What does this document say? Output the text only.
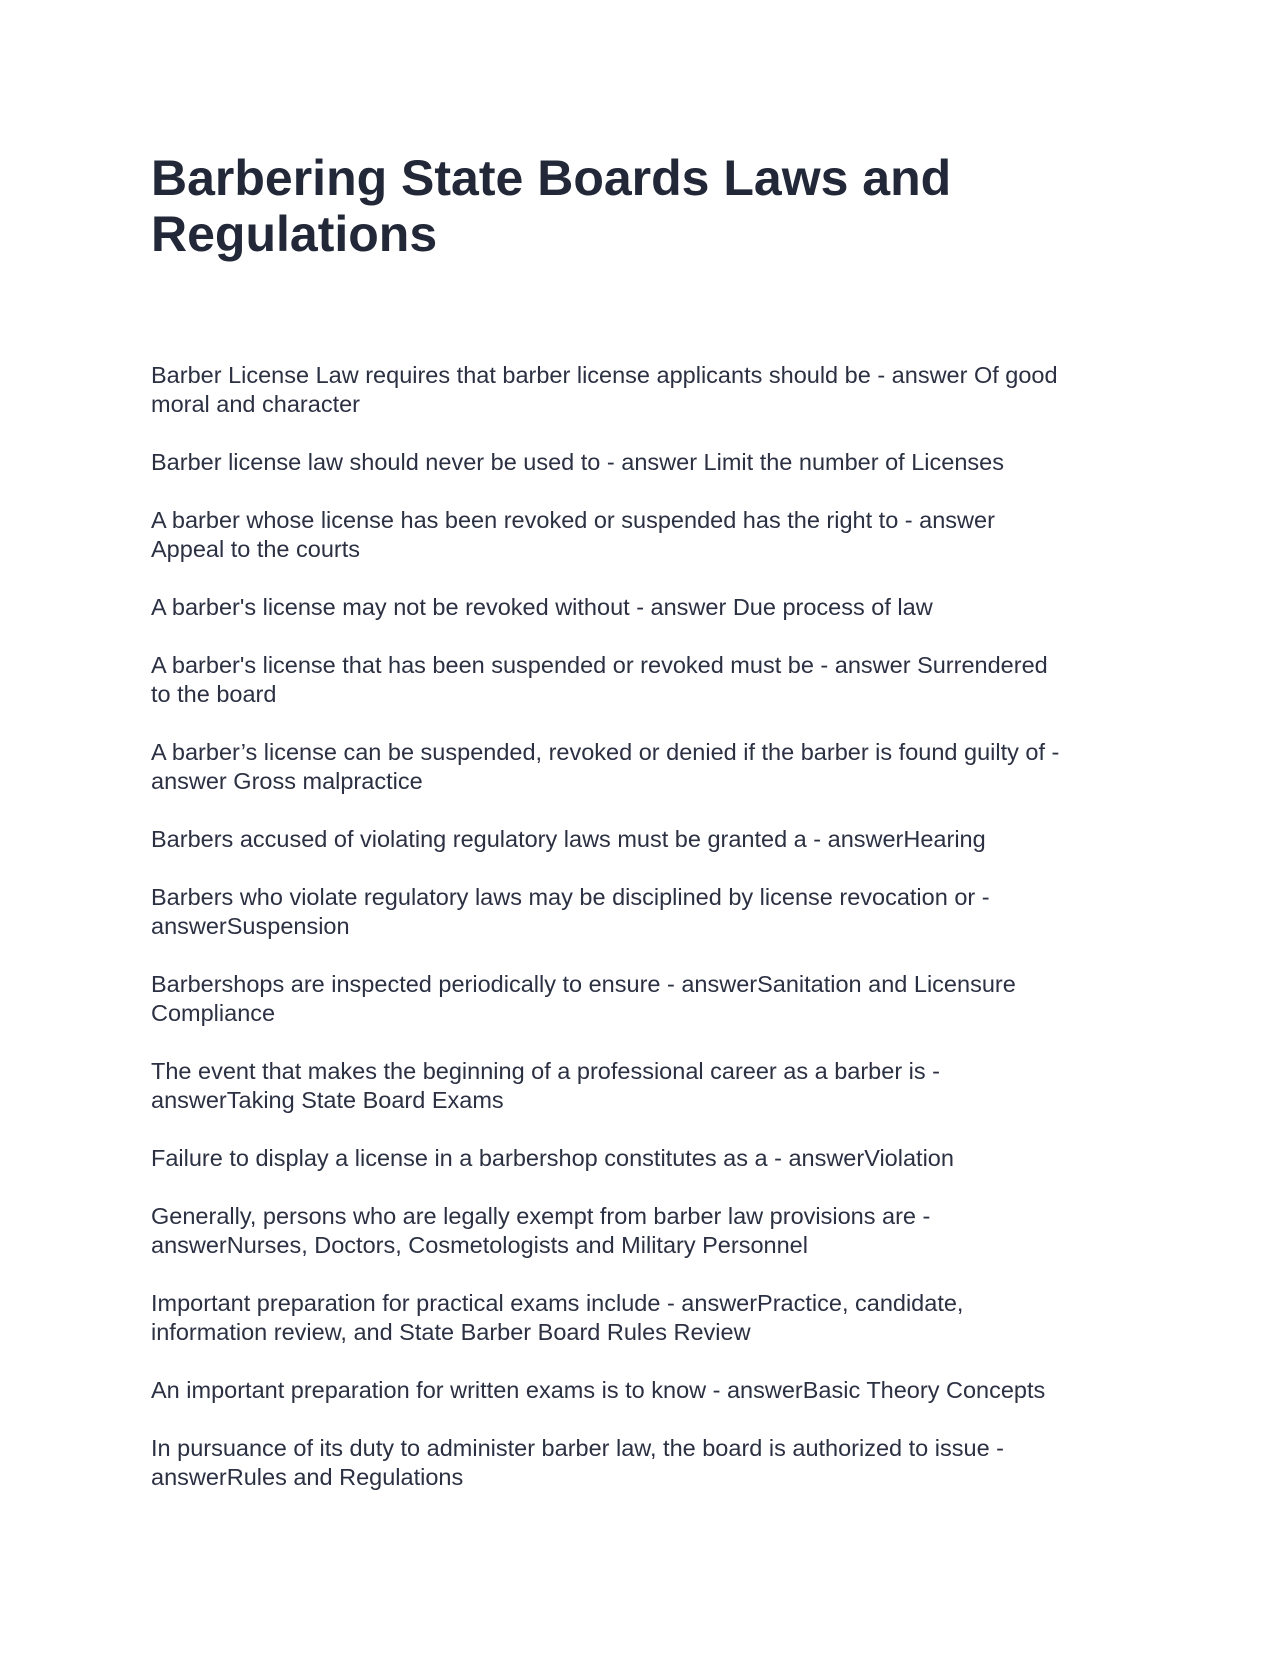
Barbering State Boards Laws and Regulations

Barber License Law requires that barber license applicants should be - answer Of good
moral and character

Barber license law should never be used to - answer Limit the number of Licenses

A barber whose license has been revoked or suspended has the right to - answer
Appeal to the courts

A barber's license may not be revoked without - answer Due process of law

A barber's license that has been suspended or revoked must be - answer Surrendered
to the board

A barber’s license can be suspended, revoked or denied if the barber is found guilty of -
answer Gross malpractice

Barbers accused of violating regulatory laws must be granted a - answerHearing

Barbers who violate regulatory laws may be disciplined by license revocation or -
answerSuspension

Barbershops are inspected periodically to ensure - answerSanitation and Licensure
Compliance

The event that makes the beginning of a professional career as a barber is -
answerTaking State Board Exams

Failure to display a license in a barbershop constitutes as a - answerViolation

Generally, persons who are legally exempt from barber law provisions are -
answerNurses, Doctors, Cosmetologists and Military Personnel

Important preparation for practical exams include - answerPractice, candidate,
information review, and State Barber Board Rules Review

An important preparation for written exams is to know - answerBasic Theory Concepts

In pursuance of its duty to administer barber law, the board is authorized to issue -
answerRules and Regulations
